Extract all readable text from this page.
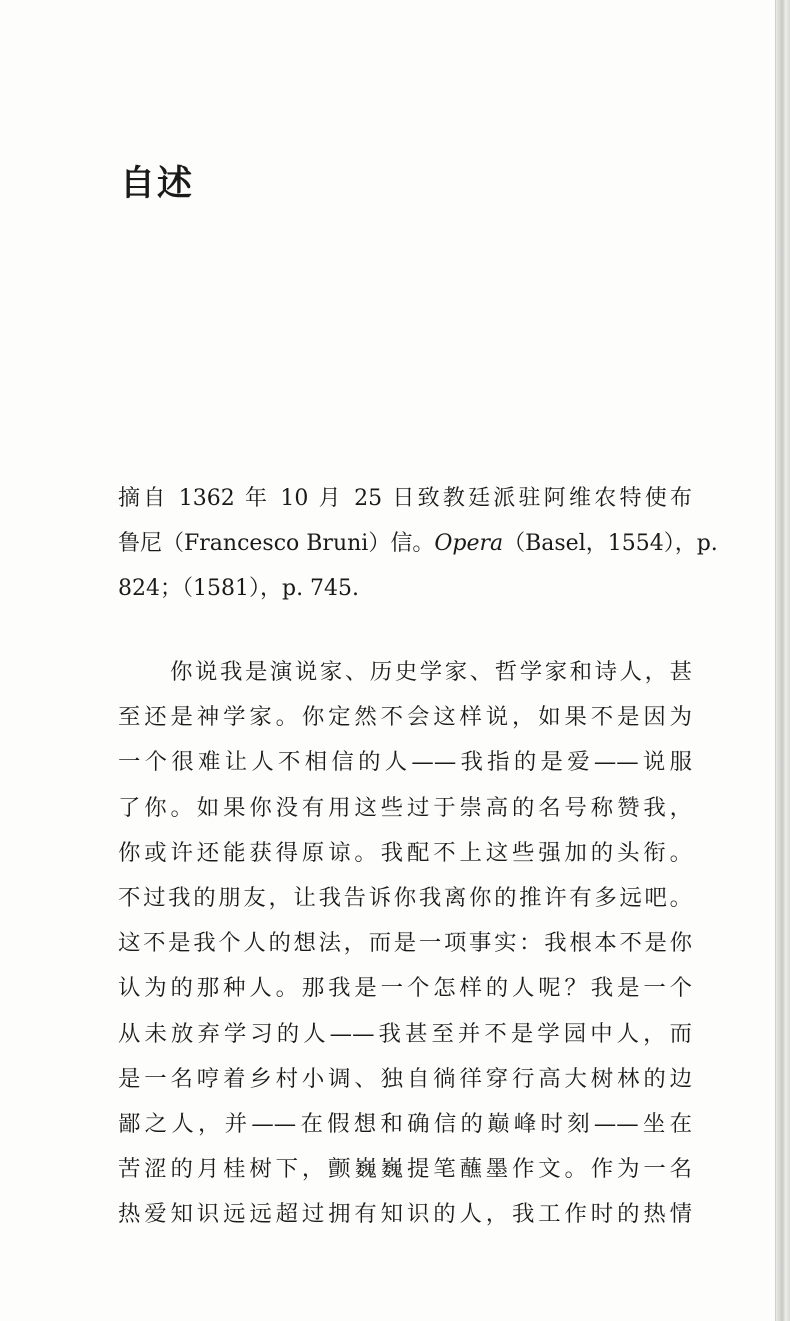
自述

摘自 1362 年 10 月 25 日致教廷派驻阿维农特使布
鲁尼（Francesco Bruni）信。Opera（Basel，1554），p.
824；（1581），p. 745.

你说我是演说家、历史学家、哲学家和诗人，甚
至还是神学家。你定然不会这样说，如果不是因为
一个很难让人不相信的人——我指的是爱——说服
了你。如果你没有用这些过于崇高的名号称赞我，
你或许还能获得原谅。我配不上这些强加的头衔。
不过我的朋友，让我告诉你我离你的推许有多远吧。
这不是我个人的想法，而是一项事实：我根本不是你
认为的那种人。那我是一个怎样的人呢？我是一个
从未放弃学习的人——我甚至并不是学园中人，而
是一名哼着乡村小调、独自徜徉穿行高大树林的边
鄙之人，并——在假想和确信的巅峰时刻——坐在
苦涩的月桂树下，颤巍巍提笔蘸墨作文。作为一名
热爱知识远远超过拥有知识的人，我工作时的热情
